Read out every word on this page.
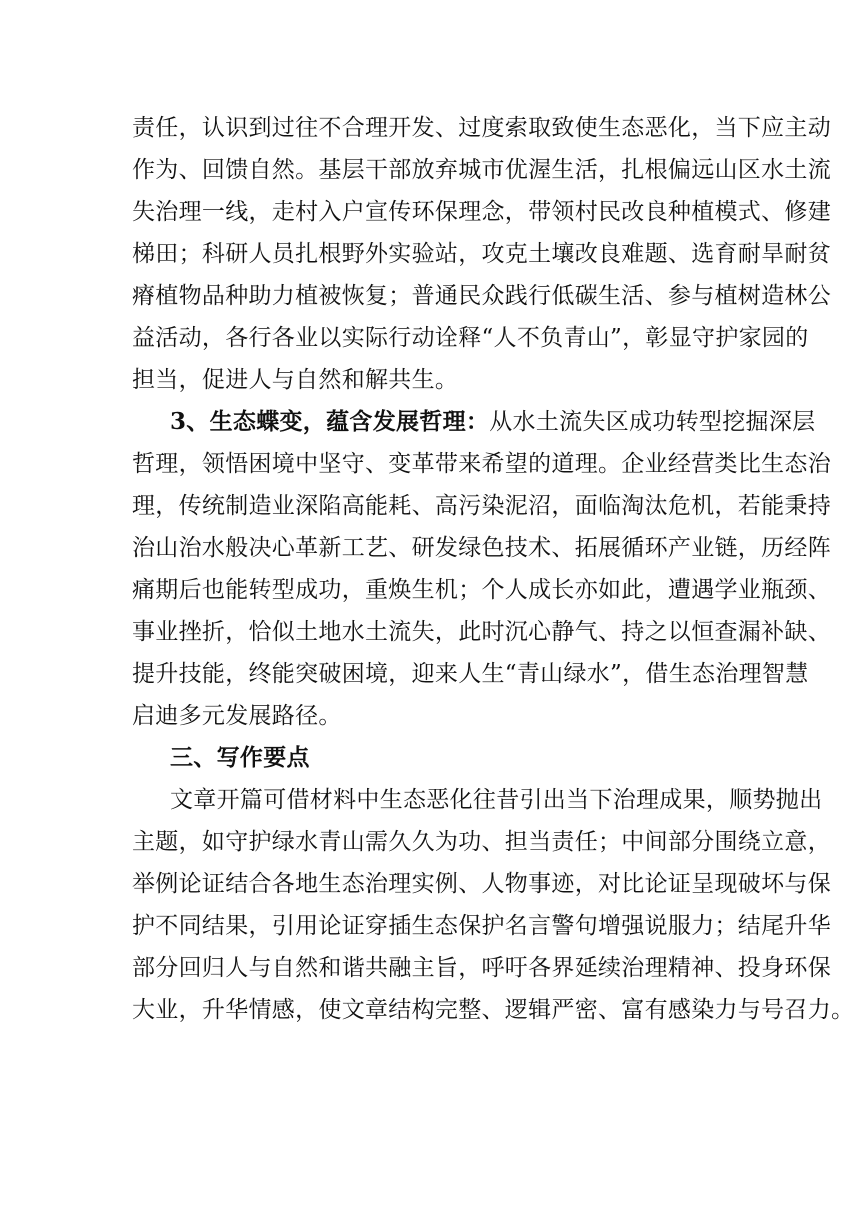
责任，认识到过往不合理开发、过度索取致使生态恶化，当下应主动
作为、回馈自然。基层干部放弃城市优渥生活，扎根偏远山区水土流
失治理一线，走村入户宣传环保理念，带领村民改良种植模式、修建
梯田；科研人员扎根野外实验站，攻克土壤改良难题、选育耐旱耐贫
瘠植物品种助力植被恢复；普通民众践行低碳生活、参与植树造林公
益活动，各行各业以实际行动诠释“人不负青山”，彰显守护家园的
担当，促进人与自然和解共生。
3、生态蝶变，蕴含发展哲理：从水土流失区成功转型挖掘深层
哲理，领悟困境中坚守、变革带来希望的道理。企业经营类比生态治
理，传统制造业深陷高能耗、高污染泥沼，面临淘汰危机，若能秉持
治山治水般决心革新工艺、研发绿色技术、拓展循环产业链，历经阵
痛期后也能转型成功，重焕生机；个人成长亦如此，遭遇学业瓶颈、
事业挫折，恰似土地水土流失，此时沉心静气、持之以恒查漏补缺、
提升技能，终能突破困境，迎来人生“青山绿水”，借生态治理智慧
启迪多元发展路径。
三、写作要点
文章开篇可借材料中生态恶化往昔引出当下治理成果，顺势抛出
主题，如守护绿水青山需久久为功、担当责任；中间部分围绕立意，
举例论证结合各地生态治理实例、人物事迹，对比论证呈现破坏与保
护不同结果，引用论证穿插生态保护名言警句增强说服力；结尾升华
部分回归人与自然和谐共融主旨，呼吁各界延续治理精神、投身环保
大业，升华情感，使文章结构完整、逻辑严密、富有感染力与号召力。
